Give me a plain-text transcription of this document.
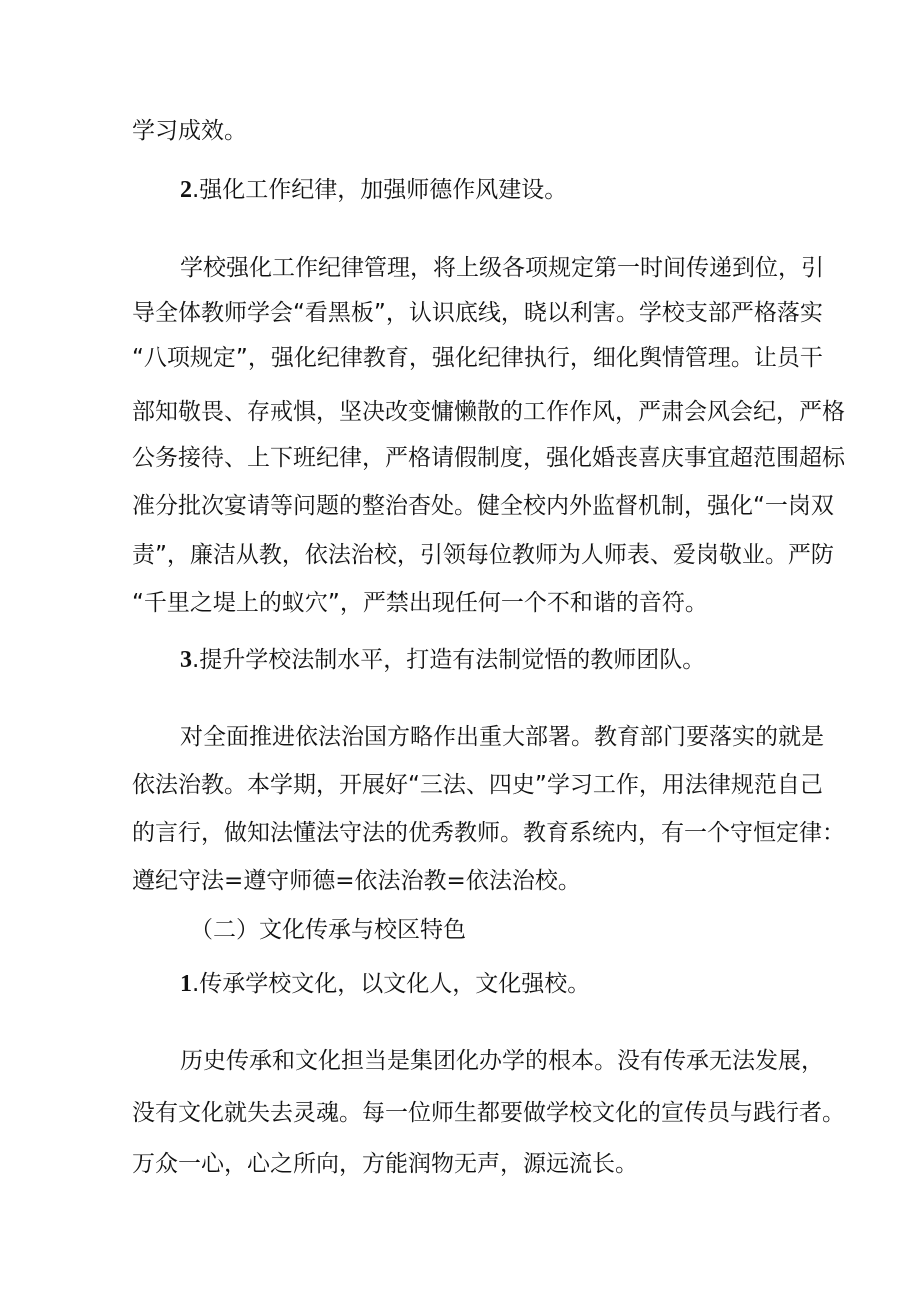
学习成效。
2.强化工作纪律，加强师德作风建设。
学校强化工作纪律管理，将上级各项规定第一时间传递到位，引
导全体教师学会“看黑板”，认识底线，晓以利害。学校支部严格落实
“八项规定”，强化纪律教育，强化纪律执行，细化舆情管理。让员干
部知敬畏、存戒惧，坚决改变慵懒散的工作作风，严肃会风会纪，严格
公务接待、上下班纪律，严格请假制度，强化婚丧喜庆事宜超范围超标
准分批次宴请等问题的整治杳处。健全校内外监督机制，强化“一岗双
责”，廉洁从教，依法治校，引领每位教师为人师表、爱岗敬业。严防
“千里之堤上的蚁穴”，严禁出现任何一个不和谐的音符。
3.提升学校法制水平，打造有法制觉悟的教师团队。
对全面推进依法治国方略作出重大部署。教育部门要落实的就是
依法治教。本学期，开展好“三法、四史”学习工作，用法律规范自己
的言行，做知法懂法守法的优秀教师。教育系统内，有一个守恒定律：
遵纪守法=遵守师德=依法治教=依法治校。
（二）文化传承与校区特色
1.传承学校文化，以文化人，文化强校。
历史传承和文化担当是集团化办学的根本。没有传承无法发展，
没有文化就失去灵魂。每一位师生都要做学校文化的宣传员与践行者。
万众一心，心之所向，方能润物无声，源远流长。
